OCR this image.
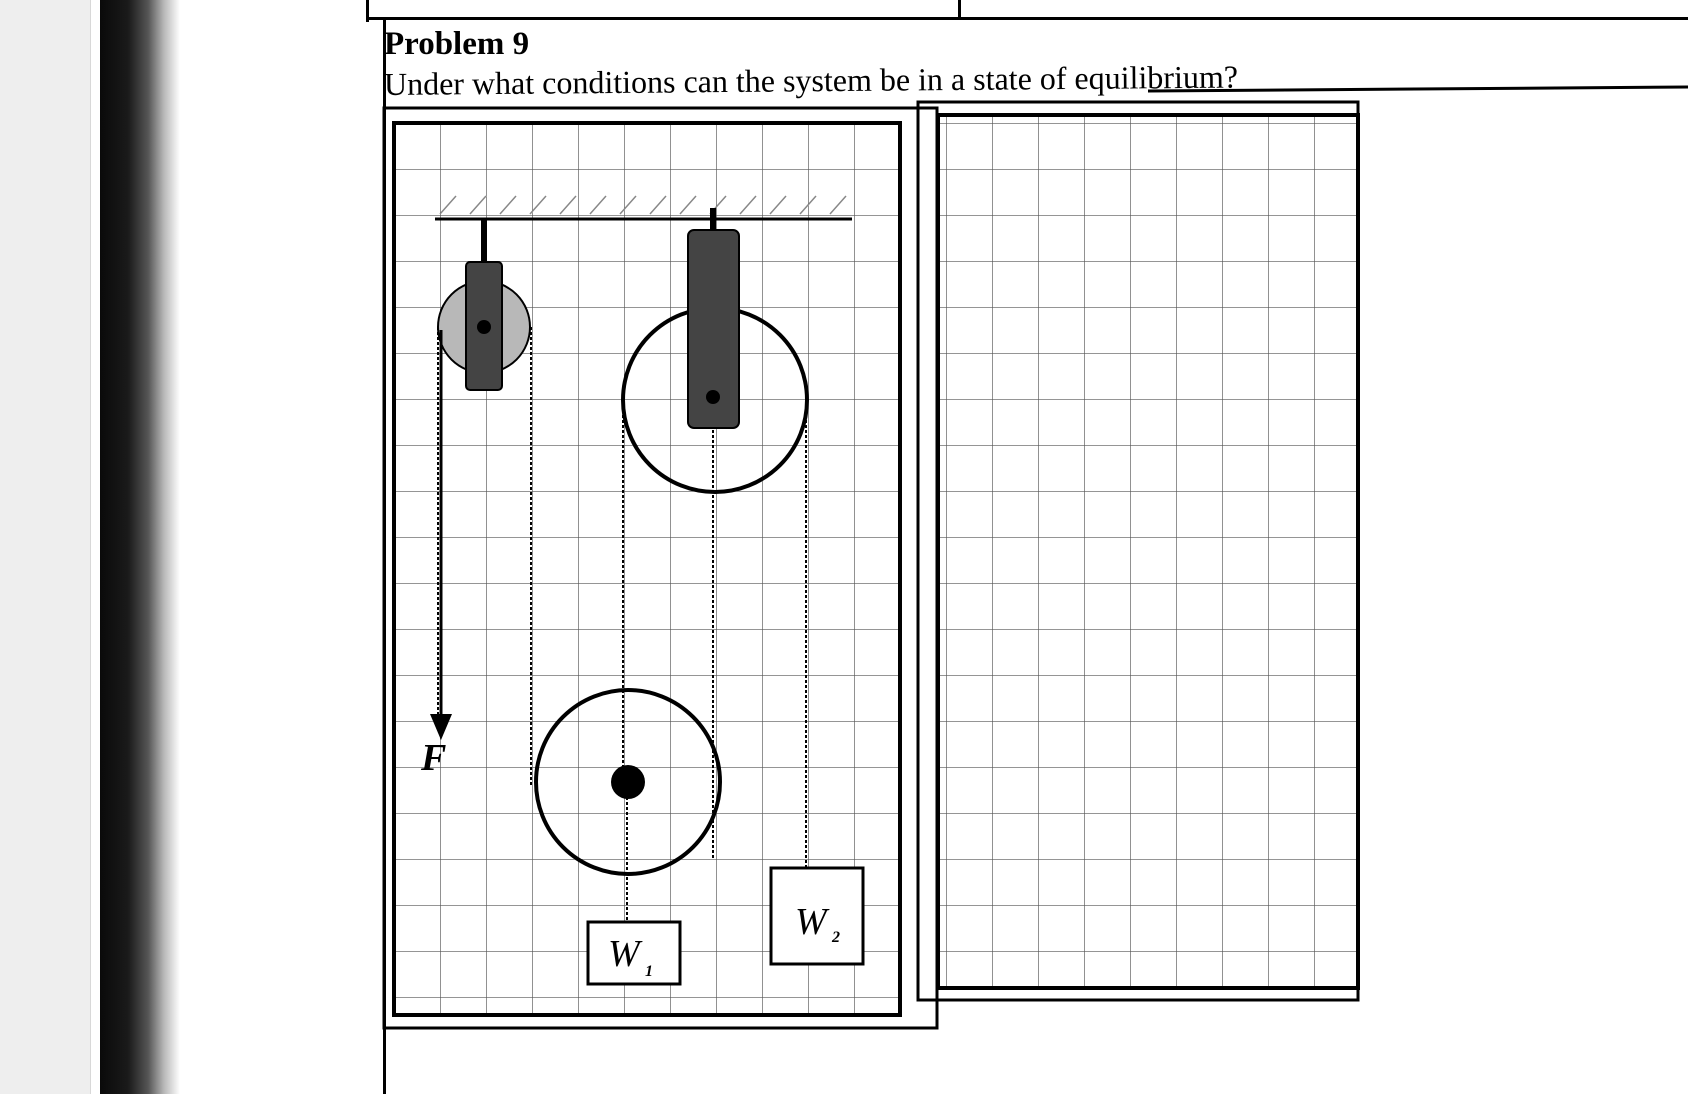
Problem 9
Under what conditions can the system be in a state of equilibrium?
F
W 1
W 2
